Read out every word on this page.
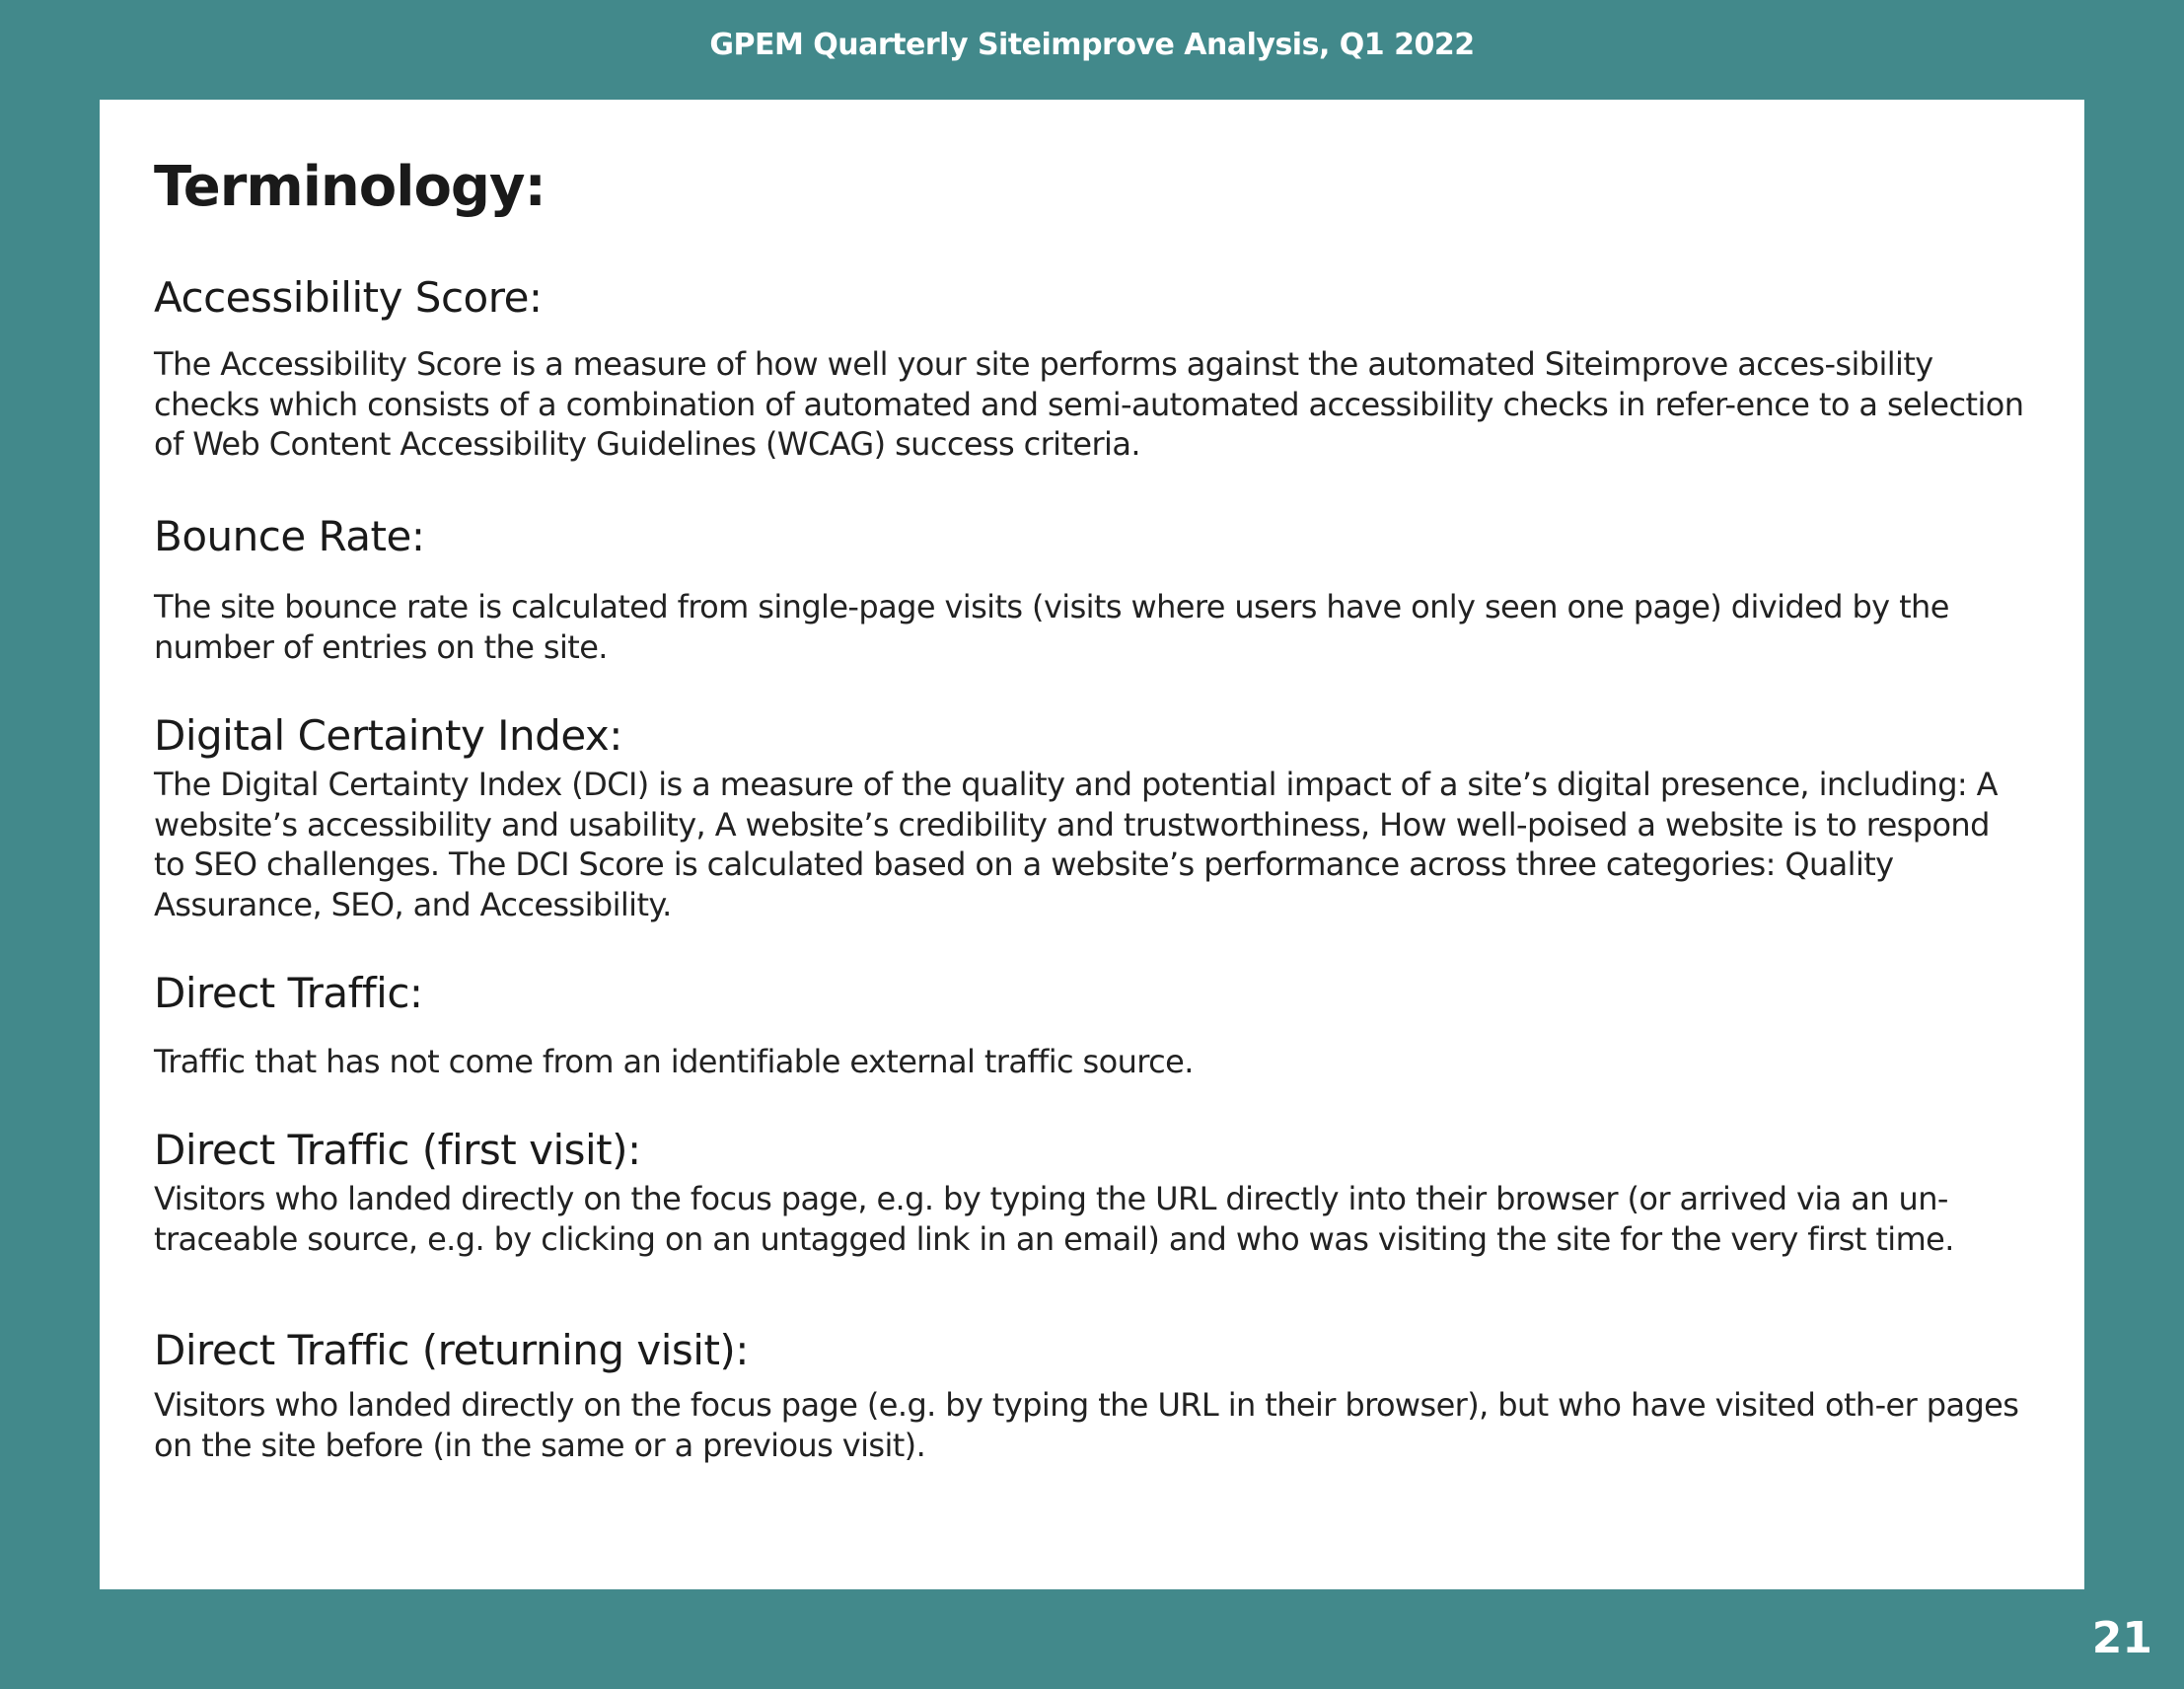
GPEM Quarterly Siteimprove Analysis, Q1 2022
Terminology:
Accessibility Score:

The Accessibility Score is a measure of how well your site performs against the automated Siteimprove acces-sibility checks which consists of a combination of automated and semi-automated accessibility checks in refer-ence to a selection of Web Content Accessibility Guidelines (WCAG) success criteria.

Bounce Rate:

The site bounce rate is calculated from single-page visits (visits where users have only seen one page) divided by the number of entries on the site.

Digital Certainty Index:

The Digital Certainty Index (DCI) is a measure of the quality and potential impact of a site’s digital presence, including: A website’s accessibility and usability, A website’s credibility and trustworthiness, How well-poised a website is to respond to SEO challenges. The DCI Score is calculated based on a website’s performance across three categories: Quality Assurance, SEO, and Accessibility.

Direct Traffic:

Traffic that has not come from an identifiable external traffic source.

Direct Traffic (first visit):

Visitors who landed directly on the focus page, e.g. by typing the URL directly into their browser (or arrived via an un-traceable source, e.g. by clicking on an untagged link in an email) and who was visiting the site for the very first time.

Direct Traffic (returning visit):

Visitors who landed directly on the focus page (e.g. by typing the URL in their browser), but who have visited oth-er pages on the site before (in the same or a previous visit).

21
